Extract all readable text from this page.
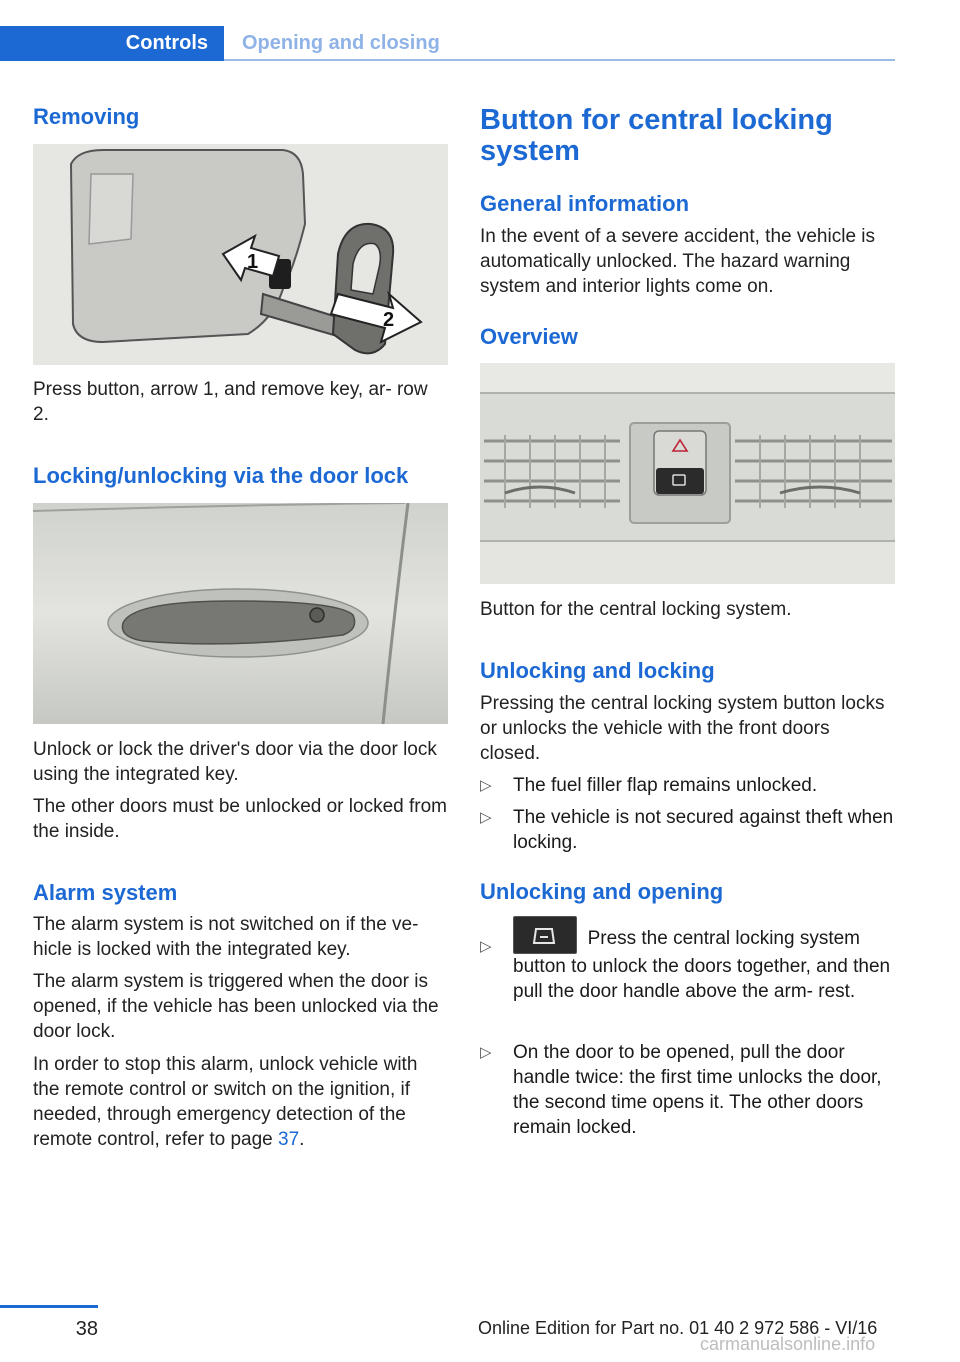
Controls	Opening and closing
Removing
1
2

Press button, arrow 1, and remove key, ar‐ row 2.

Locking/unlocking via the door lock

Unlock or lock the driver's door via the door lock using the integrated key.

The other doors must be unlocked or locked from the inside.

Alarm system

The alarm system is not switched on if the ve‐ hicle is locked with the integrated key.

The alarm system is triggered when the door is opened, if the vehicle has been unlocked via the door lock.

In order to stop this alarm, unlock vehicle with the remote control or switch on the ignition, if needed, through emergency detection of the remote control, refer to page 37.

Button for central locking system
General information

In the event of a severe accident, the vehicle is automatically unlocked. The hazard warning system and interior lights come on.

Overview

Button for the central locking system.

Unlocking and locking

Pressing the central locking system button locks or unlocks the vehicle with the front doors closed.

▷ The fuel filler flap remains unlocked.
▷ The vehicle is not secured against theft when locking.
Unlocking and opening
▷	Press the central locking system button to unlock the doors together, and then pull the door handle above the arm‐ rest.
▷ On the door to be opened, pull the door handle twice: the first time unlocks the door, the second time opens it. The other doors remain locked.
38	Online Edition for Part no. 01 40 2 972 586 - VI/16
carmanualsonline.info
